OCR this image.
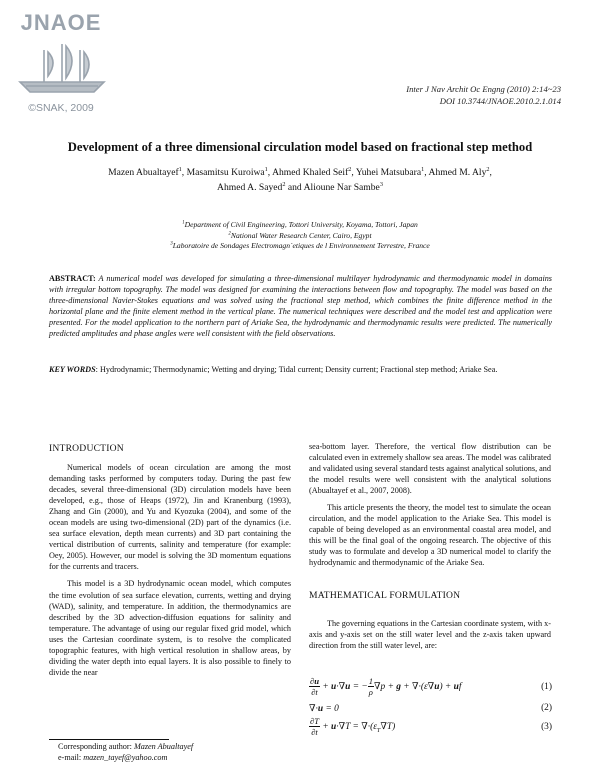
JNAOE
©SNAK, 2009
Inter J Nav Archit Oc Engng (2010) 2:14~23
DOI 10.3744/JNAOE.2010.2.1.014
Development of a three dimensional circulation model based on fractional step method
Mazen Abualtayef$^1$, Masamitsu Kuroiwa$^1$, Ahmed Khaled Seif$^2$, Yuhei Matsubara$^1$, Ahmed M. Aly$^2$,
Ahmed A. Sayed$^2$ and Alioune Nar Sambe$^3$
$^1$Department of Civil Engineering, Tottori University, Koyama, Tottori, Japan
$^2$National Water Research Center, Cairo, Egypt
$^3$Laboratoire de Sondages Electromagn´etiques de l Environnement Terrestre, France
ABSTRACT: A numerical model was developed for simulating a three-dimensional multilayer hydrodynamic and thermodynamic model in domains with irregular bottom topography. The model was designed for examining the interactions between flow and topography. The model was based on the three-dimensional Navier-Stokes equations and was solved using the fractional step method, which combines the finite difference method in the horizontal plane and the finite element method in the vertical plane. The numerical techniques were described and the model test and application were presented. For the model application to the northern part of Ariake Sea, the hydrodynamic and thermodynamic results were predicted. The numerically predicted amplitudes and phase angles were well consistent with the field observations.
KEY WORDS: Hydrodynamic; Thermodynamic; Wetting and drying; Tidal current; Density current; Fractional step method; Ariake Sea.
INTRODUCTION

Numerical models of ocean circulation are among the most demanding tasks performed by computers today. During the past few decades, several three-dimensional (3D) circulation models have been developed, e.g., those of Heaps (1972), Jin and Kranenburg (1993), Zhang and Gin (2000), and Yu and Kyozuka (2004), and some of the ocean models are using two-dimensional (2D) part of the dynamics (i.e. sea surface elevation, depth mean currents) and 3D part containing the vertical distribution of currents, salinity and temperature (for example: Oey, 2005). However, our model is solving the 3D momentum equations for the currents and tracers.

This model is a 3D hydrodynamic ocean model, which computes the time evolution of sea surface elevation, currents, wetting and drying (WAD), salinity, and temperature. In addition, the thermodynamics are described by the 3D advection-diffusion equations for salinity and temperature. The advantage of using our regular fixed grid model, which uses the Cartesian coordinate system, is to resolve the complicated topographic features, with high vertical resolution in shallow areas, by dividing the water depth into equal layers. It is also possible to finely to divide the near

sea-bottom layer. Therefore, the vertical flow distribution can be calculated even in extremely shallow sea areas. The model was calibrated and validated using several standard tests against analytical solutions, and the model results were well consistent with the analytical solutions (Abualtayef et al., 2007, 2008).

This article presents the theory, the model test to simulate the ocean circulation, and the model application to the Ariake Sea. This model is capable of being developed as an environmental coastal area model, and this will be the final goal of the ongoing research. The objective of this study was to formulate and develop a 3D numerical model to clarify the hydrodynamic and thermodynamic of the Ariake Sea.

MATHEMATICAL FORMULATION

The governing equations in the Cartesian coordinate system, with x-axis and y-axis set on the still water level and the z-axis taken upward direction from the still water level, are:

$\frac{\partial u}{\partial t} + u\cdot\nabla u$ = − $\frac{1}{\rho} \nabla p + g + \nabla\cdot(\varepsilon\nabla u)$ + uf	(1)
∇·u = 0	(2)
$\frac{\partial T}{\partial t} + u\cdot\nabla T = \nabla\cdot(\varepsilon_T\nabla T)$	(3)
Corresponding author: Mazen Abualtayef
e-mail: mazen_tayef@yahoo.com
